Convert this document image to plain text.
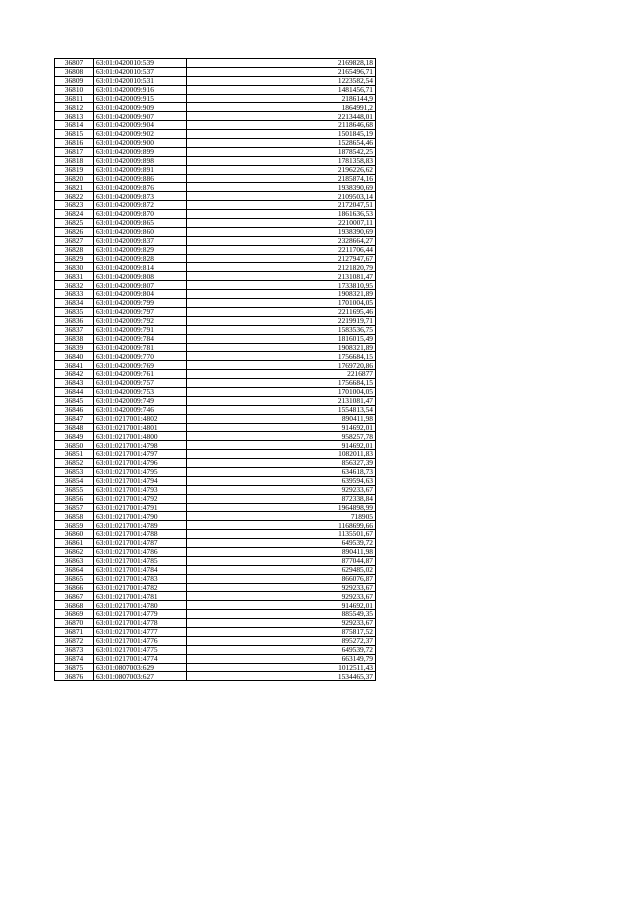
36807	63:01:0420010:539	2169828,18
36808	63:01:0420010:537	2165496,71
36809	63:01:0420010:531	1223582,54
36810	63:01:0420009:916	1481456,71
36811	63:01:0420009:915	2186144,9
36812	63:01:0420009:909	1864991,2
36813	63:01:0420009:907	2213448,01
36814	63:01:0420009:904	2118646,68
36815	63:01:0420009:902	1501845,19
36816	63:01:0420009:900	1528654,46
36817	63:01:0420009:899	1878542,25
36818	63:01:0420009:898	1781358,83
36819	63:01:0420009:891	2196226,62
36820	63:01:0420009:886	2185874,16
36821	63:01:0420009:876	1938390,69
36822	63:01:0420009:873	2109503,14
36823	63:01:0420009:872	2172047,51
36824	63:01:0420009:870	1861636,53
36825	63:01:0420009:865	2210007,11
36826	63:01:0420009:860	1938390,69
36827	63:01:0420009:837	2328664,27
36828	63:01:0420009:829	2211706,44
36829	63:01:0420009:828	2127947,67
36830	63:01:0420009:814	2121820,79
36831	63:01:0420009:808	2131081,47
36832	63:01:0420009:807	1733810,95
36833	63:01:0420009:804	1908321,89
36834	63:01:0420009:799	1701004,05
36835	63:01:0420009:797	2211695,46
36836	63:01:0420009:792	2219919,71
36837	63:01:0420009:791	1583536,75
36838	63:01:0420009:784	1816015,49
36839	63:01:0420009:781	1908321,89
36840	63:01:0420009:770	1756684,15
36841	63:01:0420009:769	1769720,86
36842	63:01:0420009:761	2216877
36843	63:01:0420009:757	1756684,15
36844	63:01:0420009:753	1701004,05
36845	63:01:0420009:749	2131081,47
36846	63:01:0420009:746	1554813,54
36847	63:01:0217001:4802	890411,98
36848	63:01:0217001:4801	914692,01
36849	63:01:0217001:4800	958257,78
36850	63:01:0217001:4798	914692,01
36851	63:01:0217001:4797	1082011,83
36852	63:01:0217001:4796	856327,39
36853	63:01:0217001:4795	634618,73
36854	63:01:0217001:4794	639594,63
36855	63:01:0217001:4793	929233,67
36856	63:01:0217001:4792	872338,84
36857	63:01:0217001:4791	1964898,99
36858	63:01:0217001:4790	718905
36859	63:01:0217001:4789	1168699,66
36860	63:01:0217001:4788	1135501,67
36861	63:01:0217001:4787	649539,72
36862	63:01:0217001:4786	890411,98
36863	63:01:0217001:4785	877044,87
36864	63:01:0217001:4784	629485,02
36865	63:01:0217001:4783	866076,87
36866	63:01:0217001:4782	929233,67
36867	63:01:0217001:4781	929233,67
36868	63:01:0217001:4780	914692,01
36869	63:01:0217001:4779	885549,35
36870	63:01:0217001:4778	929233,67
36871	63:01:0217001:4777	875817,52
36872	63:01:0217001:4776	895272,37
36873	63:01:0217001:4775	649539,72
36874	63:01:0217001:4774	663149,79
36875	63:01:0807003:629	1012511,43
36876	63:01:0807003:627	1534465,37
